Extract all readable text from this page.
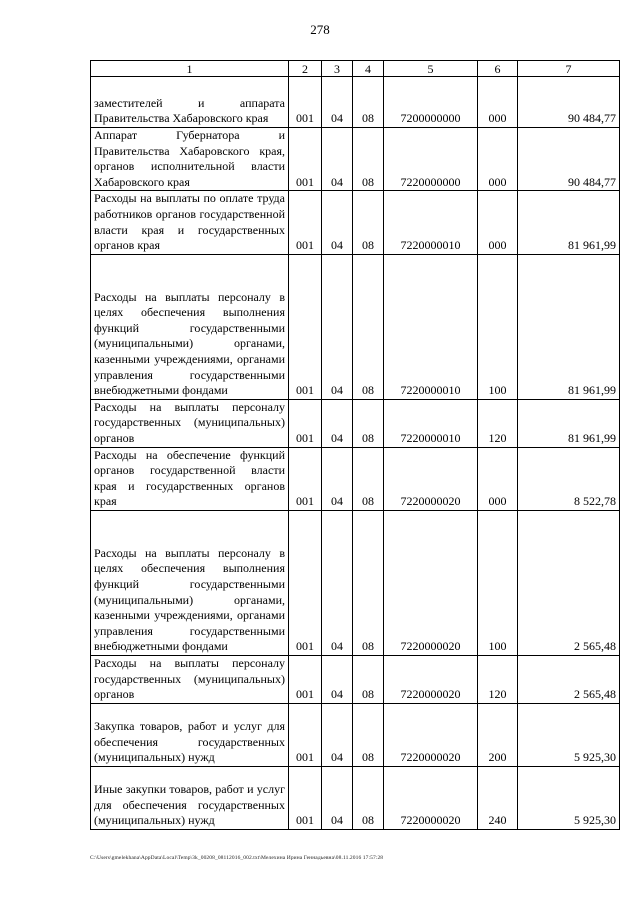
278
1	2	3	4	5	6	7
заместителей и аппарата Правительства Хабаровского края	001	04	08	7200000000	000	90 484,77
Аппарат Губернатора и Правительства Хабаровского края, органов исполнительной власти Хабаровского края	001	04	08	7220000000	000	90 484,77
Расходы на выплаты по оплате труда работников органов государственной власти края и государственных органов края	001	04	08	7220000010	000	81 961,99
Расходы на выплаты персоналу в целях обеспечения выполнения функций государственными (муниципальными) органами, казенными учреждениями, органами управления государственными внебюджетными фондами	001	04	08	7220000010	100	81 961,99
Расходы на выплаты персоналу государственных (муниципальных) органов	001	04	08	7220000010	120	81 961,99
Расходы на обеспечение функций органов государственной власти края и государственных органов края	001	04	08	7220000020	000	8 522,78
Расходы на выплаты персоналу в целях обеспечения выполнения функций государственными (муниципальными) органами, казенными учреждениями, органами управления государственными внебюджетными фондами	001	04	08	7220000020	100	2 565,48
Расходы на выплаты персоналу государственных (муниципальных) органов	001	04	08	7220000020	120	2 565,48
Закупка товаров, работ и услуг для обеспечения государственных (муниципальных) нужд	001	04	08	7220000020	200	5 925,30
Иные закупки товаров, работ и услуг для обеспечения государственных (муниципальных) нужд	001	04	08	7220000020	240	5 925,30
C:\Users\gmelekhana\AppData\Local\Temp\3k_00208_08112016_002.txt\Мелехина Ирина Геннадьевна\08.11.2016 17:57:28
